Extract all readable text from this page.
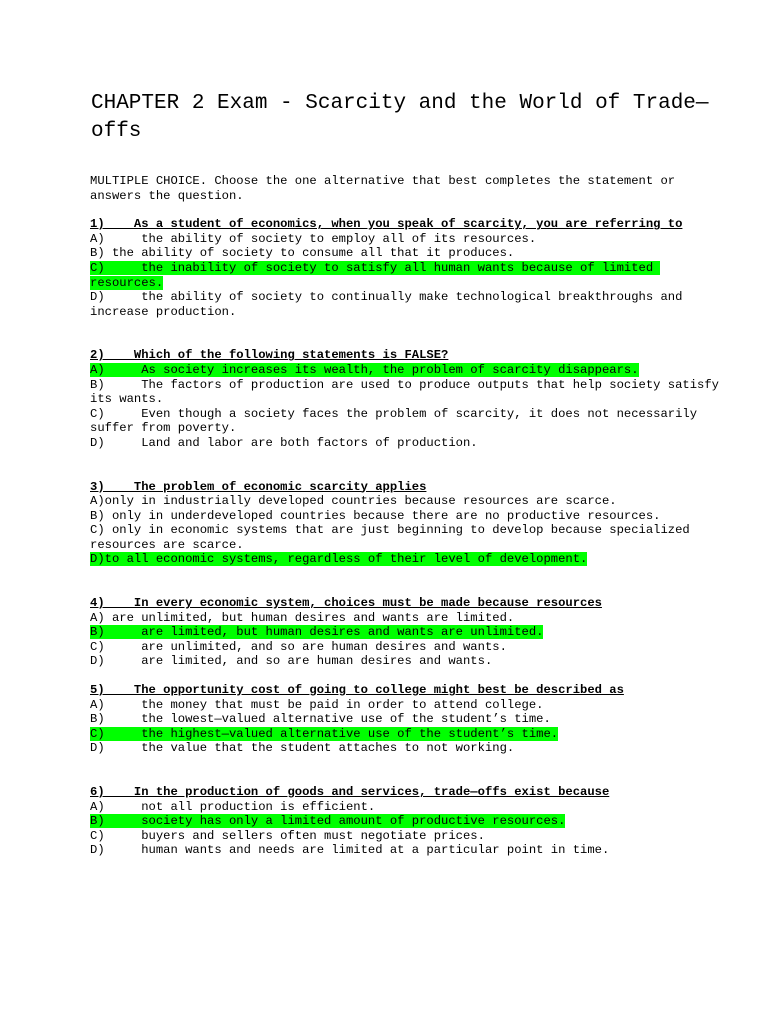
CHAPTER 2 Exam - Scarcity and the World of Trade—offs
MULTIPLE CHOICE. Choose the one alternative that best completes the statement or answers the question.
1)    As a student of economics, when you speak of scarcity, you are referring to
A)     the ability of society to employ all of its resources.
B) the ability of society to consume all that it produces.
C)     the inability of society to satisfy all human wants because of limited resources.
D)     the ability of society to continually make technological breakthroughs and increase production.
2)    Which of the following statements is FALSE?
A)     As society increases its wealth, the problem of scarcity disappears.
B)     The factors of production are used to produce outputs that help society satisfy its wants.
C)     Even though a society faces the problem of scarcity, it does not necessarily suffer from poverty.
D)     Land and labor are both factors of production.
3)    The problem of economic scarcity applies
A)only in industrially developed countries because resources are scarce.
B) only in underdeveloped countries because there are no productive resources.
C) only in economic systems that are just beginning to develop because specialized
resources are scarce.
D)to all economic systems, regardless of their level of development.
4)    In every economic system, choices must be made because resources
A) are unlimited, but human desires and wants are limited.
B)     are limited, but human desires and wants are unlimited.
C)     are unlimited, and so are human desires and wants.
D)     are limited, and so are human desires and wants.
5)    The opportunity cost of going to college might best be described as
A)     the money that must be paid in order to attend college.
B)     the lowest—valued alternative use of the student’s time.
C)     the highest—valued alternative use of the student’s time.
D)     the value that the student attaches to not working.
6)    In the production of goods and services, trade—offs exist because
A)     not all production is efficient.
B)     society has only a limited amount of productive resources.
C)     buyers and sellers often must negotiate prices.
D)     human wants and needs are limited at a particular point in time.
